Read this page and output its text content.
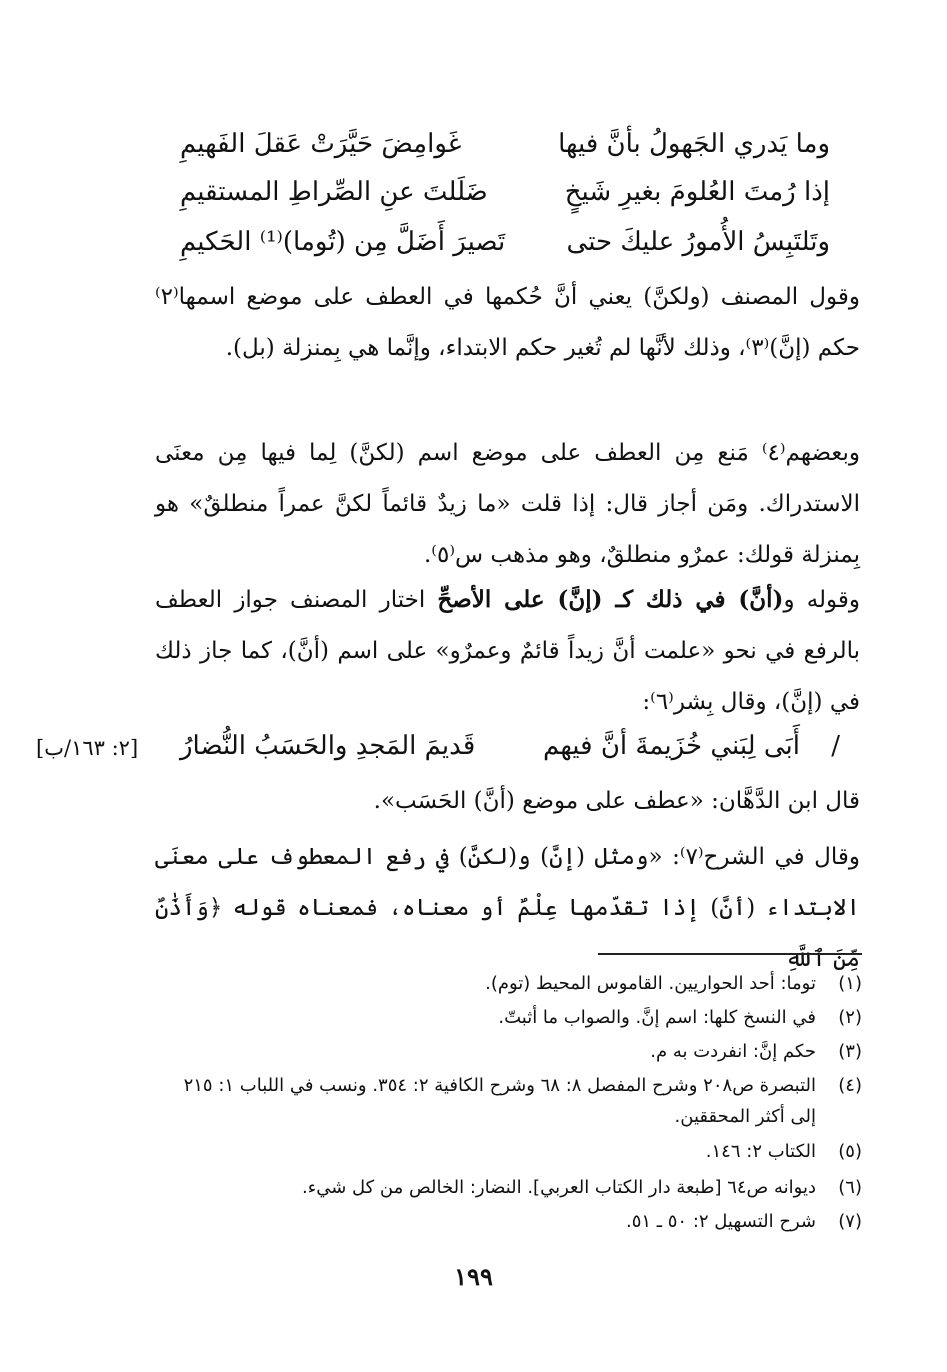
وما يَدري الجَهولُ بأنَّ فيها
غَوامِضَ حَيَّرَتْ عَقلَ الفَهيمِ
إذا رُمتَ العُلومَ بغيرِ شَيخٍ
ضَلَلتَ عنِ الصِّراطِ المستقيمِ
وتَلتَبِسُ الأُمورُ عليكَ حتى
تَصيرَ أَضَلَّ مِن (تُوما)⁽¹⁾ الحَكيمِ

وقول المصنف (ولكنَّ) يعني أنَّ حُكمها في العطف على موضع اسمها⁽٢⁾ حكم (إنَّ)⁽٣⁾، وذلك لأنَّها لم تُغير حكم الابتداء، وإنَّما هي بِمنزلة (بل).

وبعضهم⁽٤⁾ مَنع مِن العطف على موضع اسم (لكنَّ) لِما فيها مِن معنَى الاستدراك. ومَن أجاز قال: إذا قلت «ما زيدٌ قائماً لكنَّ عمراً منطلقٌ» هو بِمنزلة قولك: عمرٌو منطلقٌ، وهو مذهب س⁽٥⁾.

وقوله و(أنَّ) في ذلك كـ (إنَّ) على الأصحِّ اختار المصنف جواز العطف بالرفع في نحو «علمت أنَّ زيداً قائمٌ وعمرٌو» على اسم (أنَّ)، كما جاز ذلك في (إنَّ)، وقال بِشر⁽٦⁾:

[٢: ١٦٣/ب]	/
أَبَى لِبَني خُزَيمةَ أنَّ فيهم
قَديمَ المَجدِ والحَسَبُ النُّضارُ

قال ابن الدَّهَّان: «عطف على موضع (أنَّ) الحَسَب».

وقال في الشرح⁽٧⁾: «ومثل (إنَّ) و(لكنَّ) في رفع المعطوف على معنَى الابتداء (أنَّ) إذا تقدّمها عِلْمٌ أو معناه، فمعناه قوله ﴿وَأَذَٰنٌ مِّنَ ٱللَّهِ

(١)توما: أحد الحواريين. القاموس المحيط (توم).
(٢)في النسخ كلها: اسم إنَّ. والصواب ما أثبتّ.
(٣)حكم إنَّ: انفردت به م.
(٤)التبصرة ص٢٠٨ وشرح المفصل ٨: ٦٨ وشرح الكافية ٢: ٣٥٤. ونسب في اللباب ١: ٢١٥ إلى أكثر المحققين.
(٥)الكتاب ٢: ١٤٦.
(٦)ديوانه ص٦٤ [طبعة دار الكتاب العربي]. النضار: الخالص من كل شيء.
(٧)شرح التسهيل ٢: ٥٠ ـ ٥١.
١٩٩
